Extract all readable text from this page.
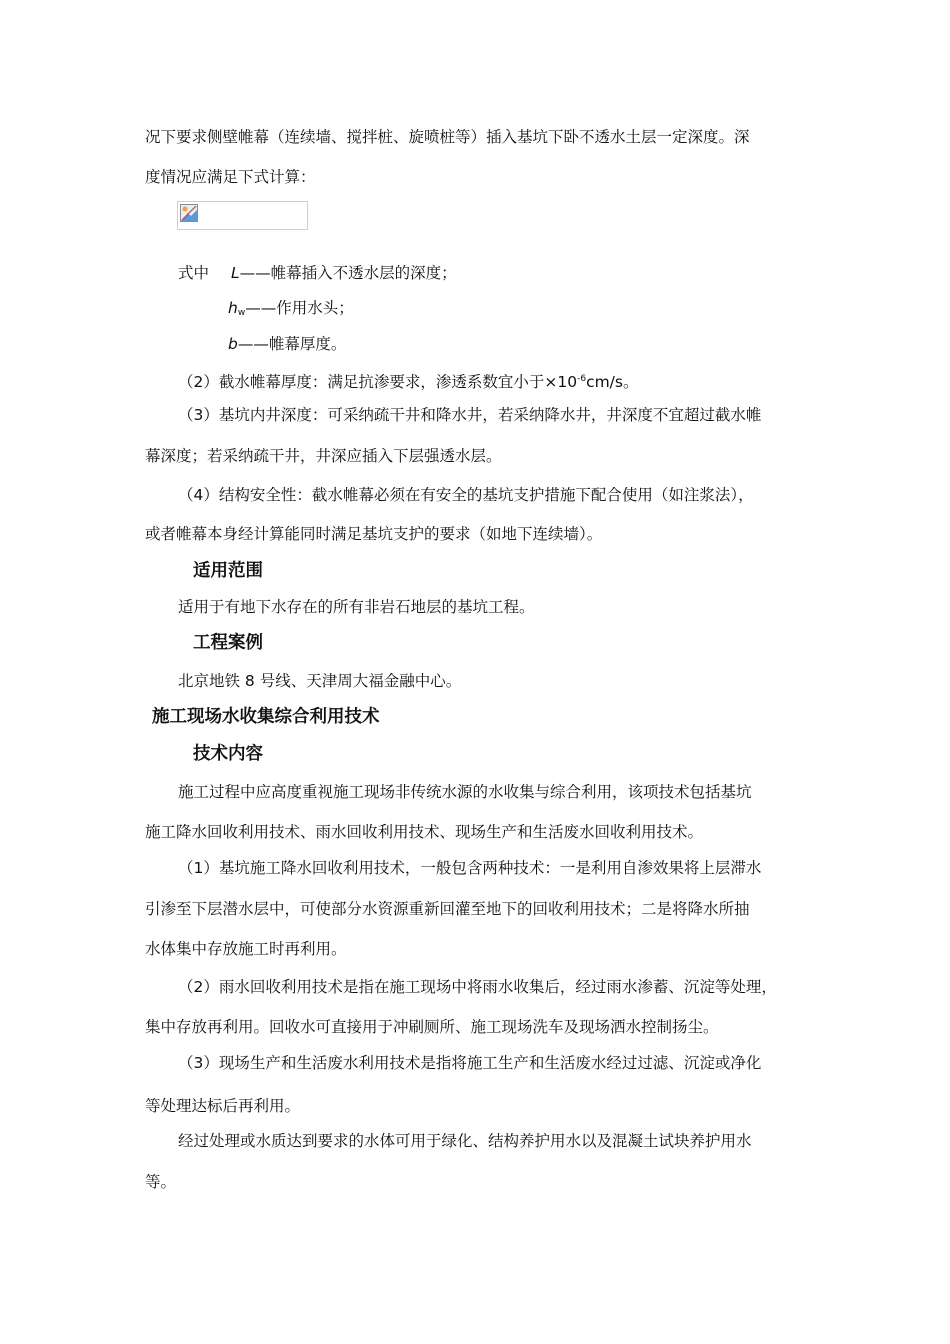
况下要求侧壁帷幕（连续墙、搅拌桩、旋喷桩等）插入基坑下卧不透水土层一定深度。深
度情况应满足下式计算：
式中 L——帷幕插入不透水层的深度；
$h_w——$作用水头；
b——帷幕厚度。
（2）截水帷幕厚度：满足抗渗要求，渗透系数宜小于$\times 10^{-6}cm/s$。
（3）基坑内井深度：可采纳疏干井和降水井，若采纳降水井，井深度不宜超过截水帷
幕深度；若采纳疏干井，井深应插入下层强透水层。
（4）结构安全性：截水帷幕必须在有安全的基坑支护措施下配合使用（如注浆法），
或者帷幕本身经计算能同时满足基坑支护的要求（如地下连续墙）。
适用范围
适用于有地下水存在的所有非岩石地层的基坑工程。
工程案例
北京地铁 8 号线、天津周大福金融中心。
施工现场水收集综合利用技术
技术内容
施工过程中应高度重视施工现场非传统水源的水收集与综合利用，该项技术包括基坑
施工降水回收利用技术、雨水回收利用技术、现场生产和生活废水回收利用技术。
（1）基坑施工降水回收利用技术，一般包含两种技术：一是利用自渗效果将上层滞水
引渗至下层潜水层中，可使部分水资源重新回灌至地下的回收利用技术；二是将降水所抽
水体集中存放施工时再利用。
（2）雨水回收利用技术是指在施工现场中将雨水收集后，经过雨水渗蓄、沉淀等处理，
集中存放再利用。回收水可直接用于冲刷厕所、施工现场洗车及现场洒水控制扬尘。
（3）现场生产和生活废水利用技术是指将施工生产和生活废水经过过滤、沉淀或净化
等处理达标后再利用。
经过处理或水质达到要求的水体可用于绿化、结构养护用水以及混凝土试块养护用水
等。
